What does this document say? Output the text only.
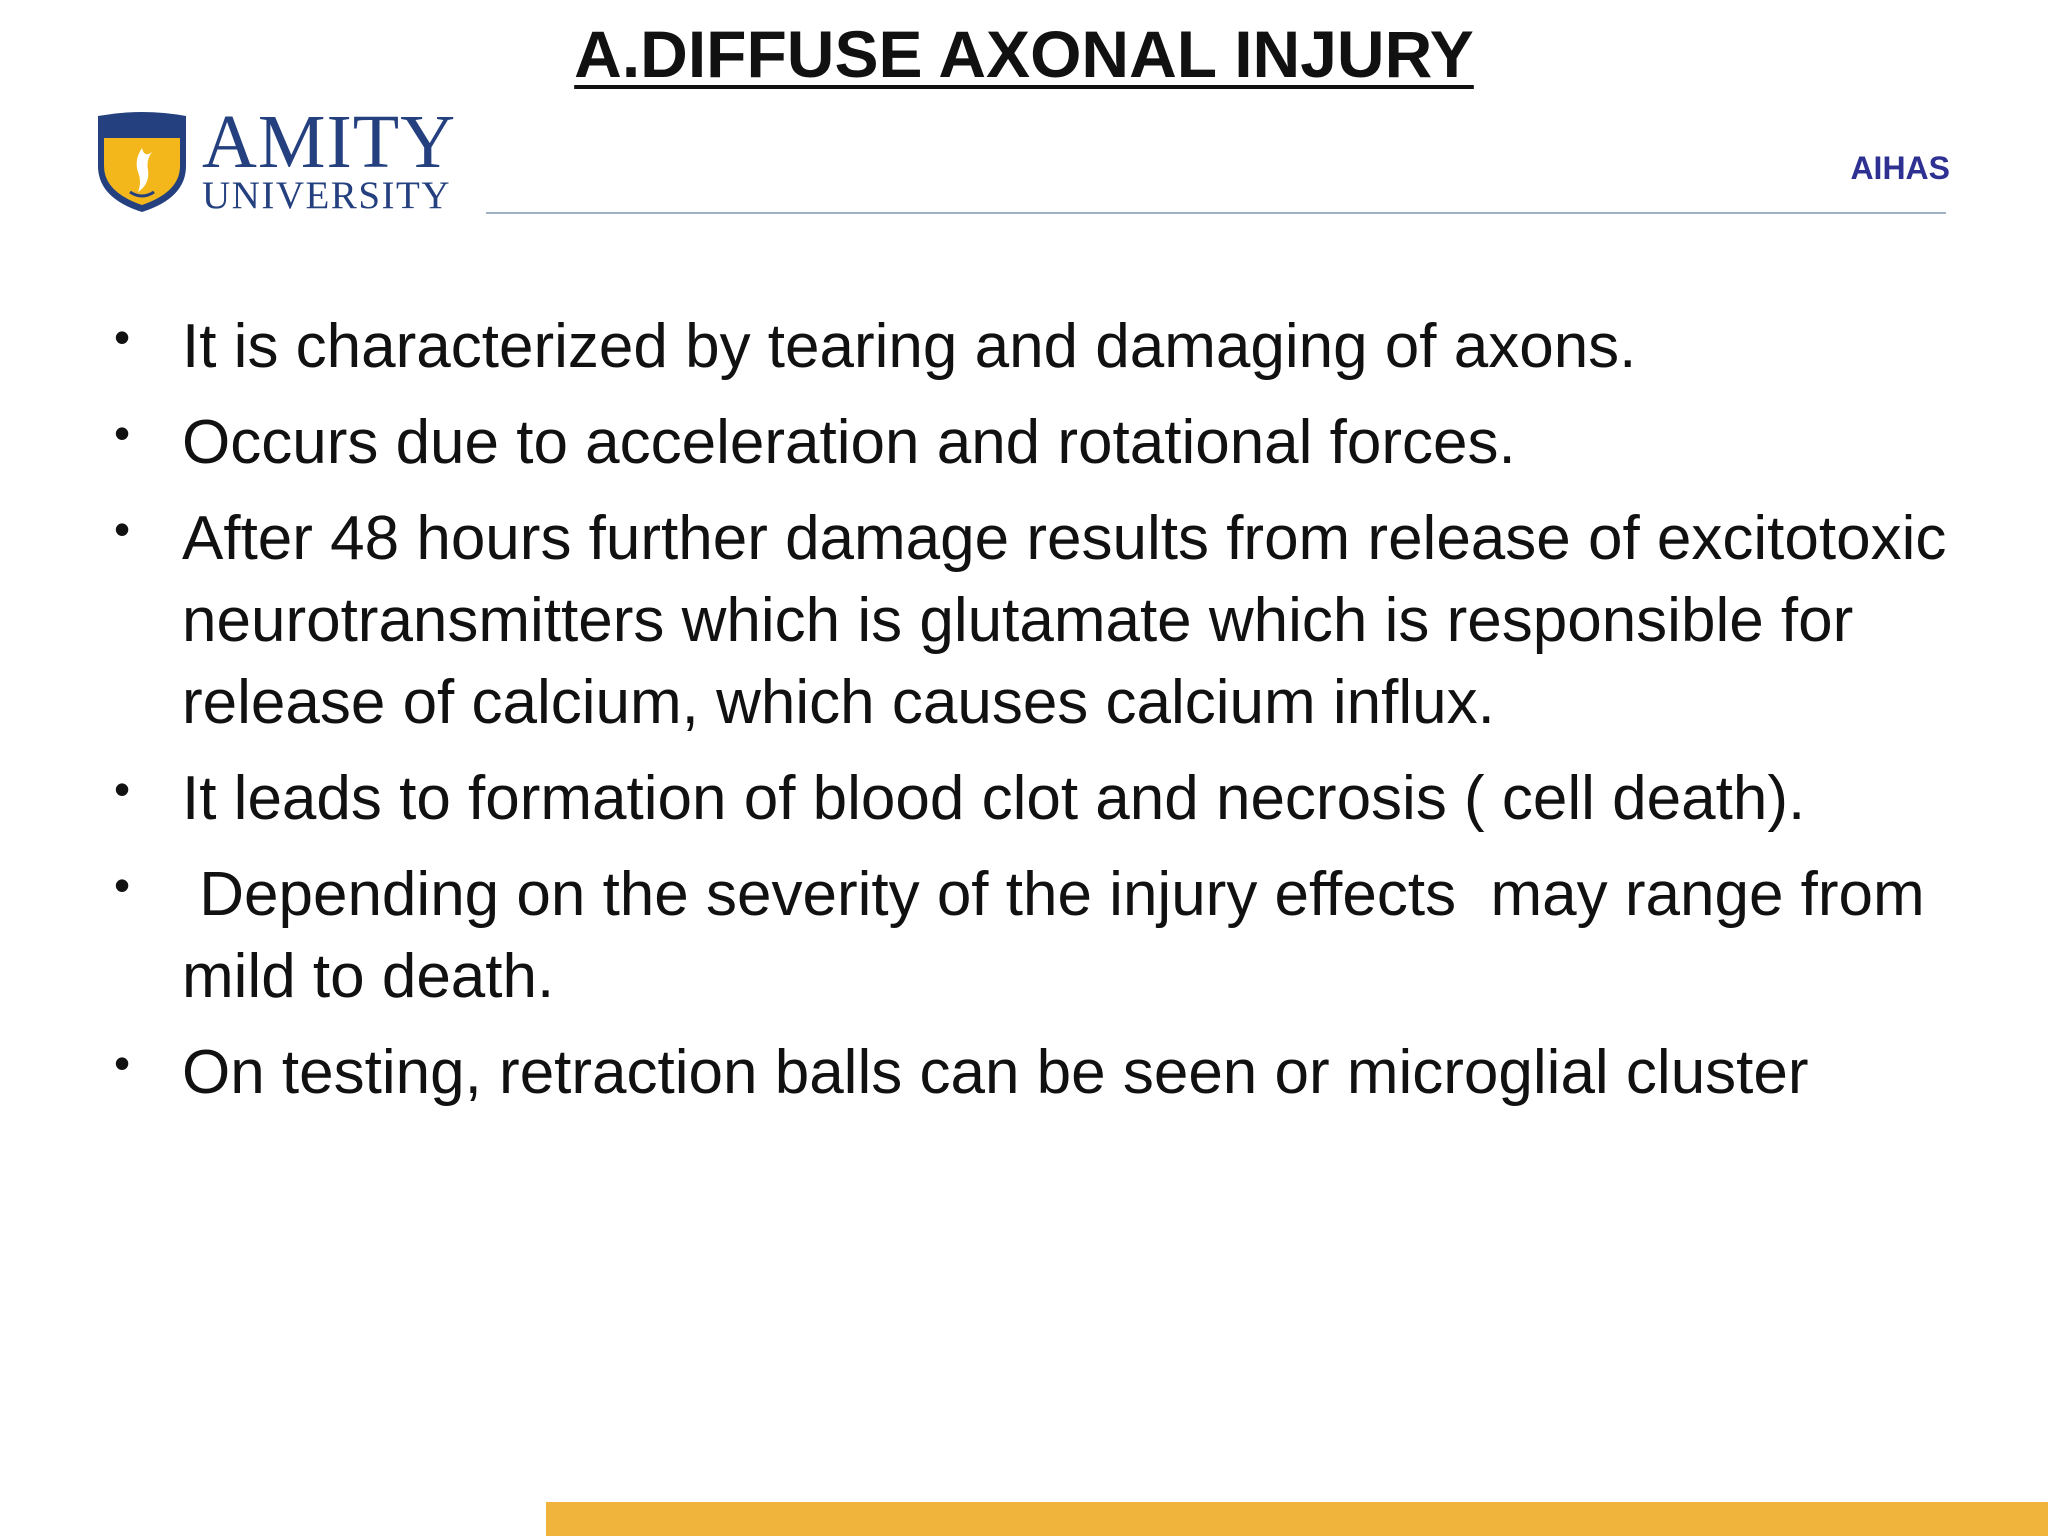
A.DIFFUSE AXONAL INJURY
AMITY
UNIVERSITY
AIHAS
• It is characterized by tearing and damaging of axons.
• Occurs due to acceleration and rotational forces.
• After 48 hours further damage results from release of excitotoxic neurotransmitters which is glutamate which is responsible for release of calcium, which causes calcium influx.
• It leads to formation of blood clot and necrosis ( cell death).
• Depending on the severity of the injury effects  may range from mild to death.
• On testing, retraction balls can be seen or microglial cluster
